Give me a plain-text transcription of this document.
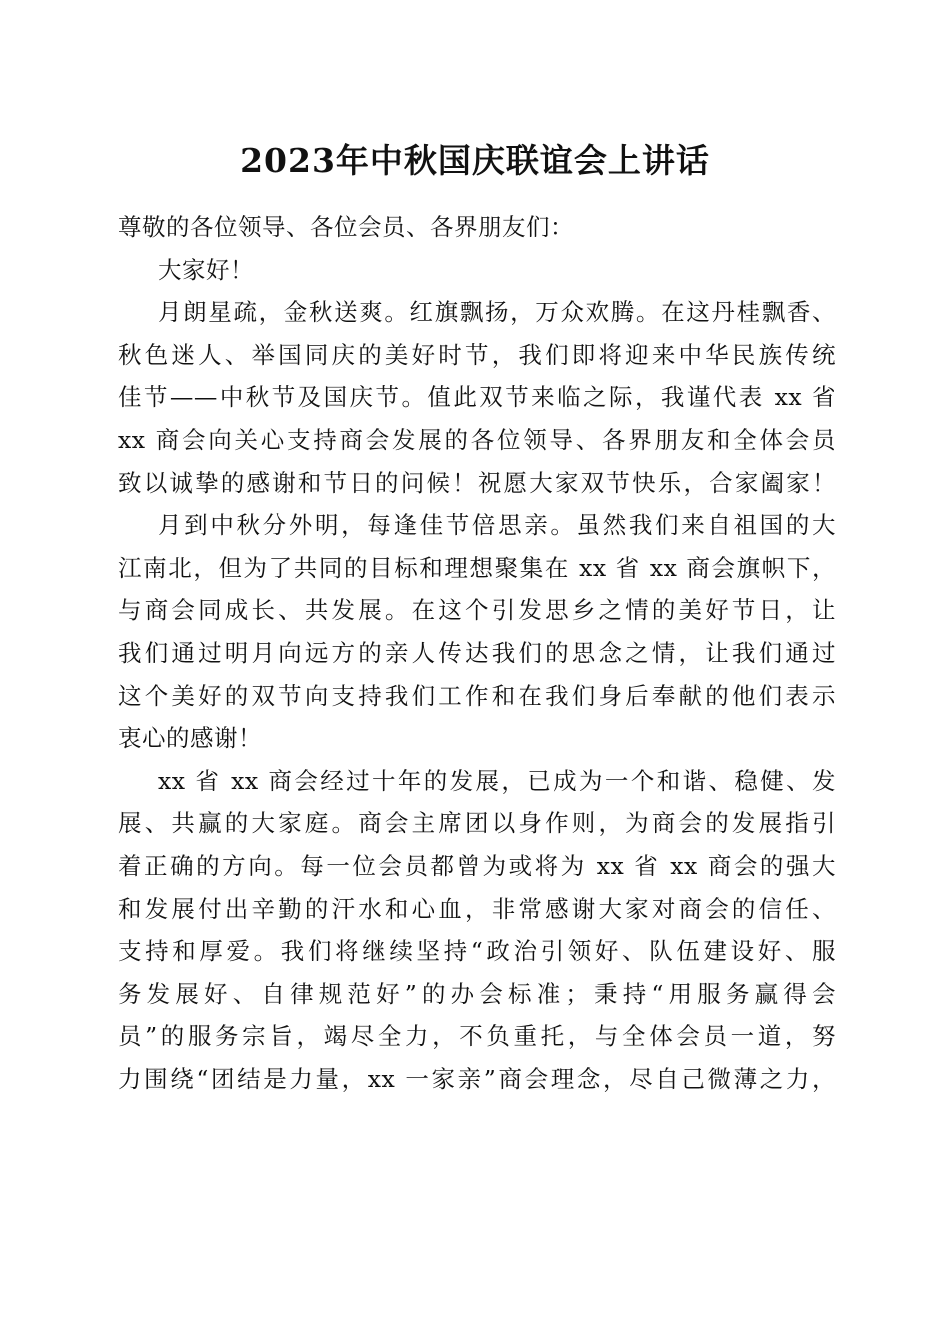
2023年中秋国庆联谊会上讲话
尊敬的各位领导、各位会员、各界朋友们：
大家好！
月朗星疏，金秋送爽。红旗飘扬，万众欢腾。在这丹桂飘香、
秋色迷人、举国同庆的美好时节，我们即将迎来中华民族传统
佳节——中秋节及国庆节。值此双节来临之际，我谨代表 xx 省
xx 商会向关心支持商会发展的各位领导、各界朋友和全体会员
致以诚挚的感谢和节日的问候！祝愿大家双节快乐，合家阖家！
月到中秋分外明，每逢佳节倍思亲。虽然我们来自祖国的大
江南北，但为了共同的目标和理想聚集在 xx 省 xx 商会旗帜下，
与商会同成长、共发展。在这个引发思乡之情的美好节日，让
我们通过明月向远方的亲人传达我们的思念之情，让我们通过
这个美好的双节向支持我们工作和在我们身后奉献的他们表示
衷心的感谢！
xx 省 xx 商会经过十年的发展，已成为一个和谐、稳健、发
展、共赢的大家庭。商会主席团以身作则，为商会的发展指引
着正确的方向。每一位会员都曾为或将为 xx 省 xx 商会的强大
和发展付出辛勤的汗水和心血，非常感谢大家对商会的信任、
支持和厚爱。我们将继续坚持“政治引领好、队伍建设好、服
务发展好、自律规范好”的办会标准；秉持“用服务赢得会
员”的服务宗旨，竭尽全力，不负重托，与全体会员一道，努
力围绕“团结是力量，xx 一家亲”商会理念，尽自己微薄之力，
